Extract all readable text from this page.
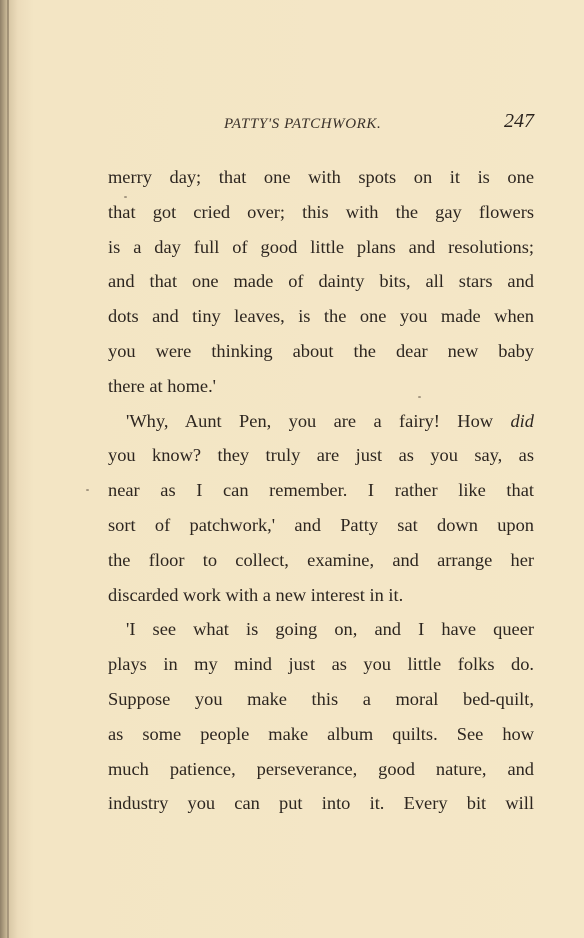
PATTY'S PATCHWORK.	247
merry day; that one with spots on it is one
that got cried over; this with the gay flowers
is a day full of good little plans and resolutions;
and that one made of dainty bits, all stars and
dots and tiny leaves, is the one you made when
you were thinking about the dear new baby
there at home.'
'Why, Aunt Pen, you are a fairy! How did
you know? they truly are just as you say, as
near as I can remember. I rather like that
sort of patchwork,' and Patty sat down upon
the floor to collect, examine, and arrange her
discarded work with a new interest in it.
'I see what is going on, and I have queer
plays in my mind just as you little folks do.
Suppose you make this a moral bed-quilt,
as some people make album quilts. See how
much patience, perseverance, good nature, and
industry you can put into it. Every bit will
